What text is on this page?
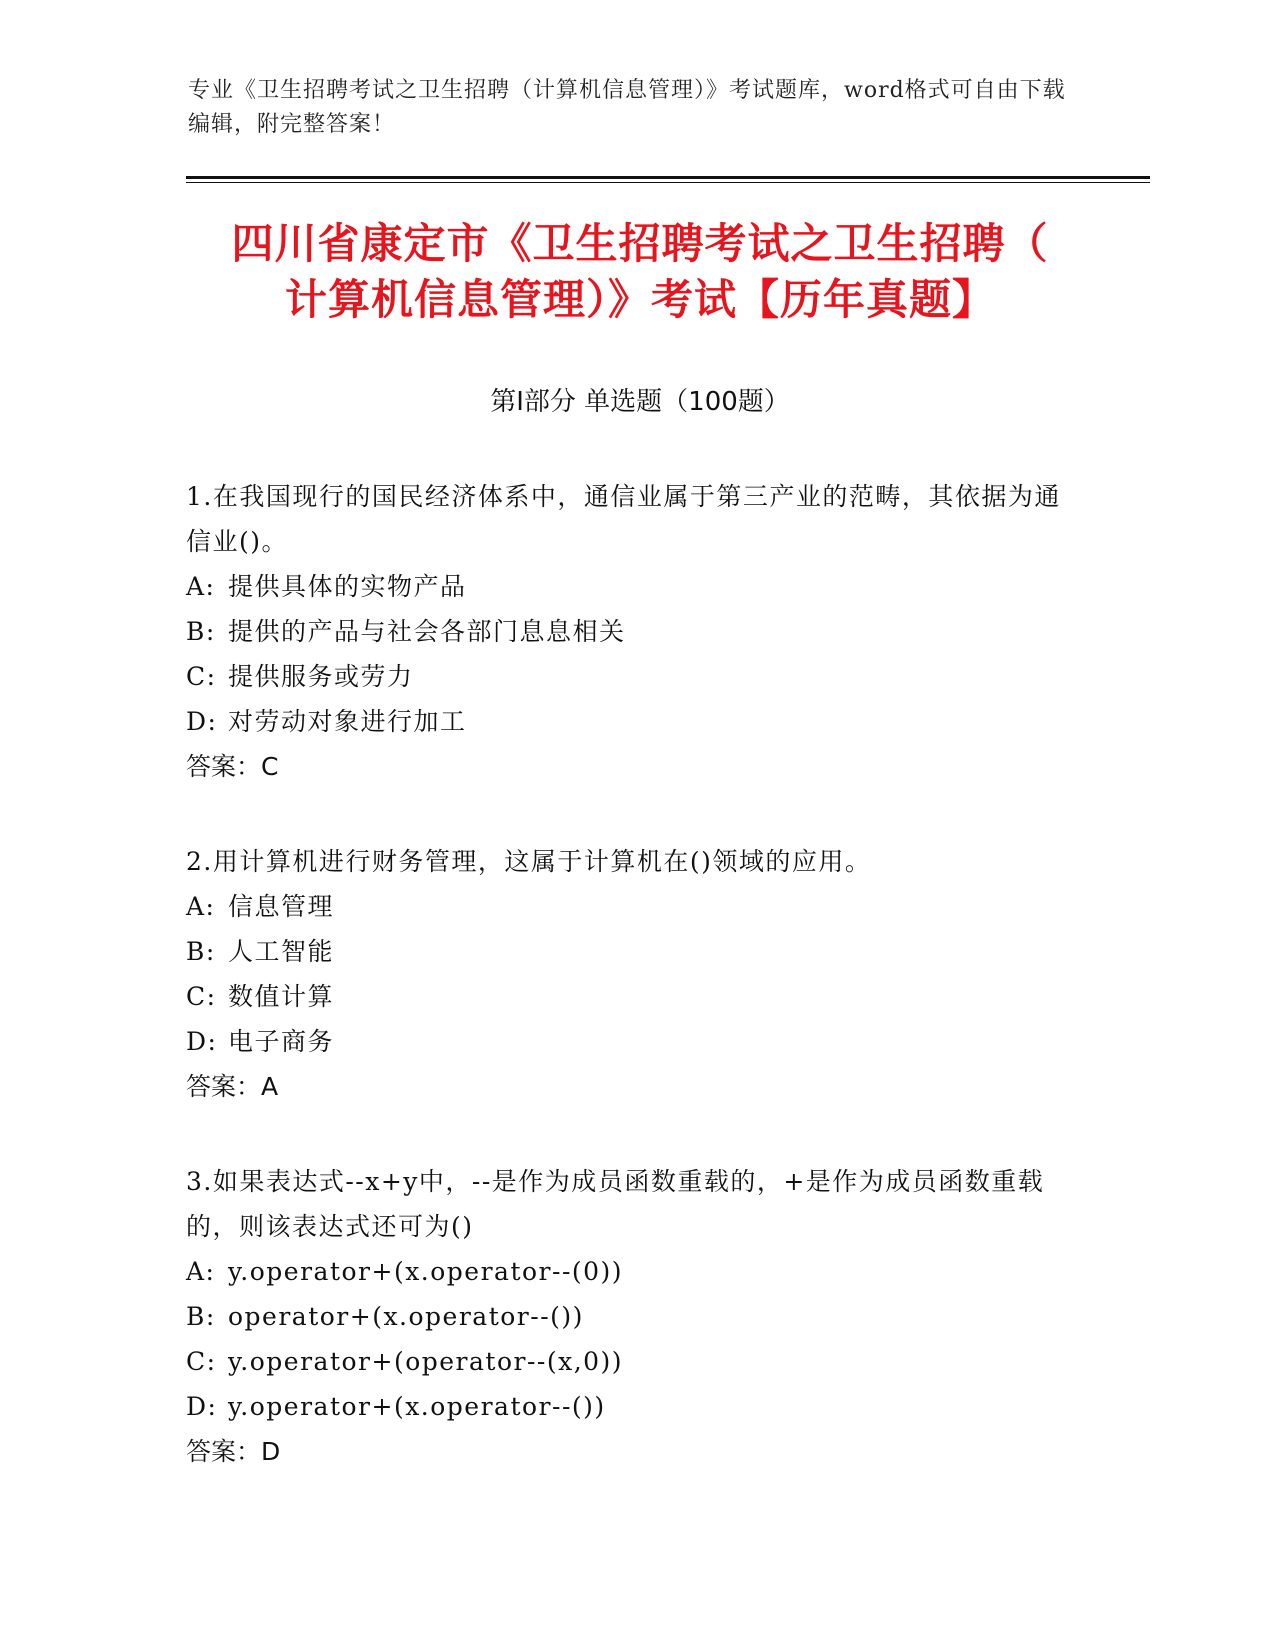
专业《卫生招聘考试之卫生招聘（计算机信息管理）》考试题库，word格式可自由下载编辑，附完整答案！
四川省康定市《卫生招聘考试之卫生招聘（
计算机信息管理）》考试【历年真题】
第Ⅰ部分 单选题（100题）
1.在我国现行的国民经济体系中，通信业属于第三产业的范畴，其依据为通信业()。
A: 提供具体的实物产品
B: 提供的产品与社会各部门息息相关
C: 提供服务或劳力
D: 对劳动对象进行加工
答案：C
2.用计算机进行财务管理，这属于计算机在()领域的应用。
A: 信息管理
B: 人工智能
C: 数值计算
D: 电子商务
答案：A
3.如果表达式--x+y中，--是作为成员函数重载的，+是作为成员函数重载的，则该表达式还可为()
A: y.operator+(x.operator--(0))
B: operator+(x.operator--())
C: y.operator+(operator--(x,0))
D: y.operator+(x.operator--())
答案：D
